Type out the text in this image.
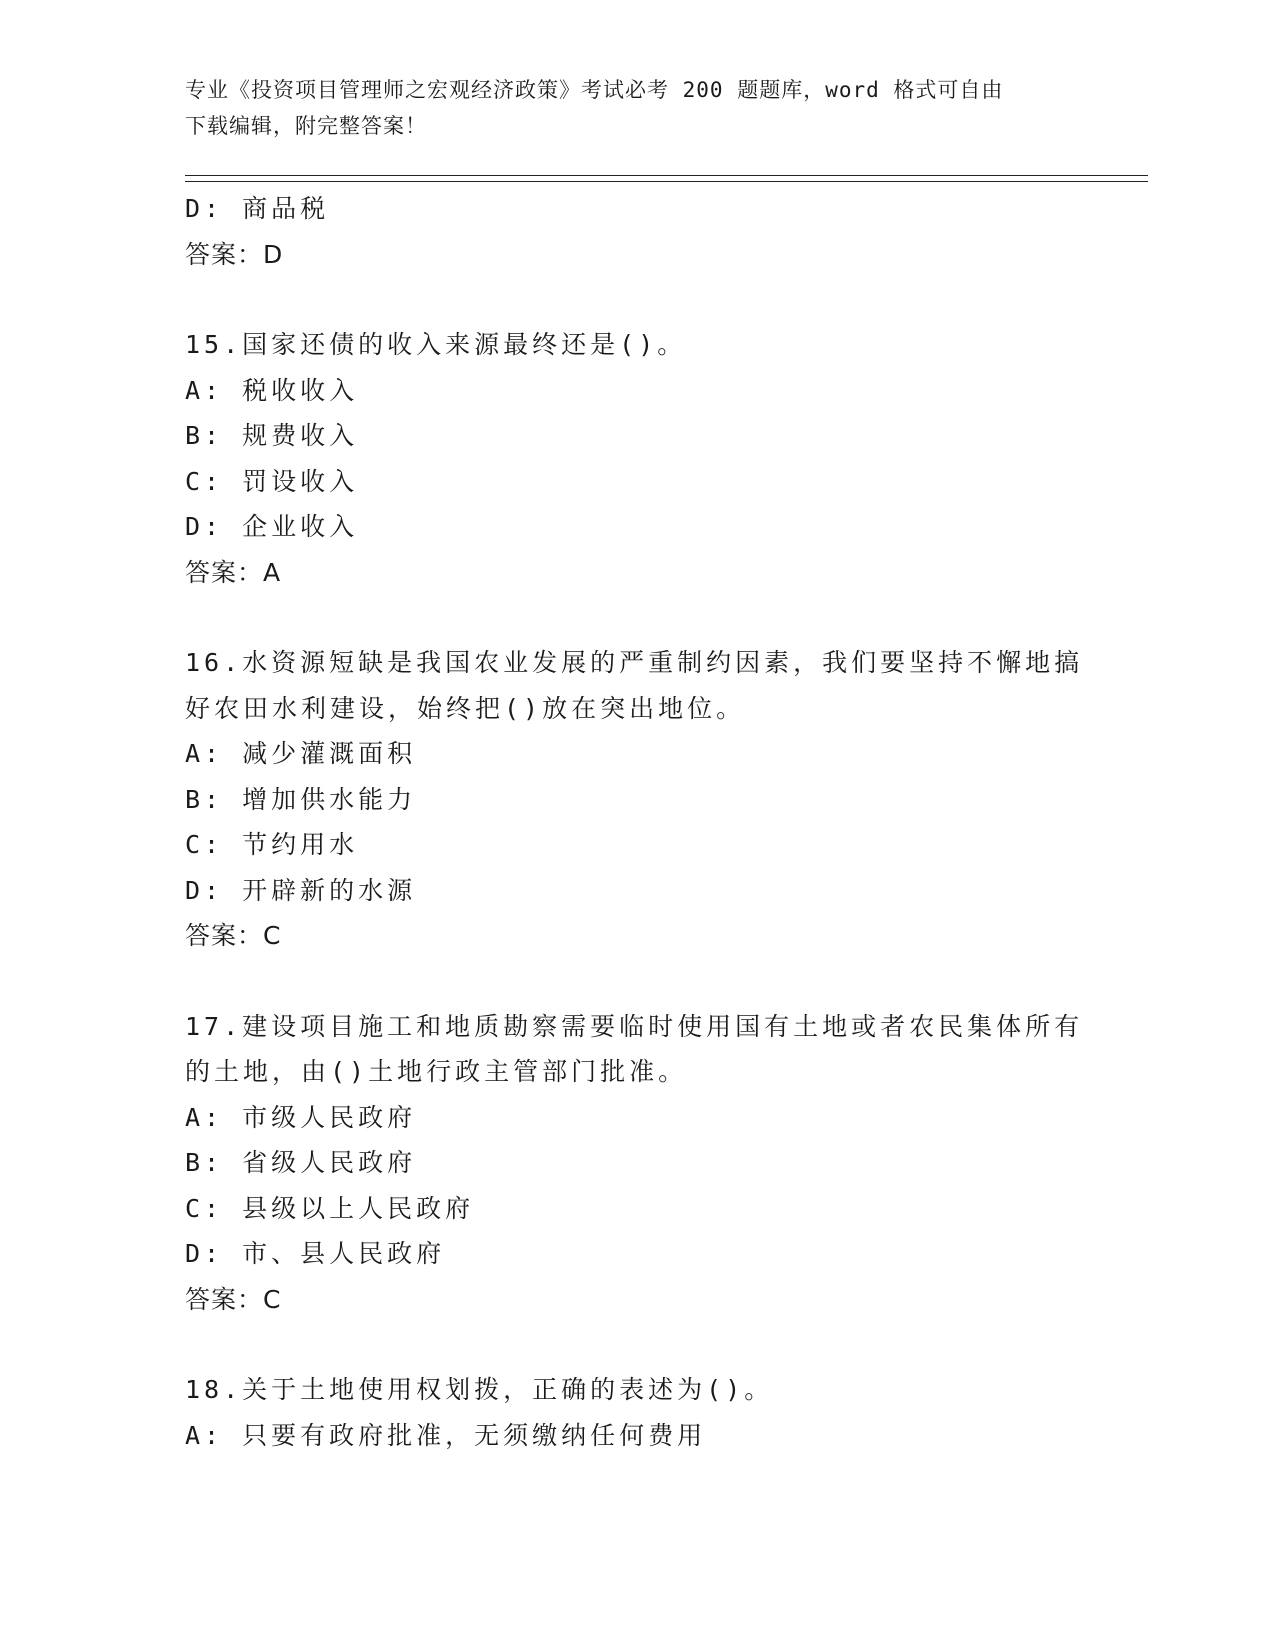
专业《投资项目管理师之宏观经济政策》考试必考 200 题题库，word 格式可自由
下载编辑，附完整答案！
D: 商品税
答案：D
15.国家还债的收入来源最终还是()。
A: 税收收入
B: 规费收入
C: 罚设收入
D: 企业收入
答案：A
16.水资源短缺是我国农业发展的严重制约因素，我们要坚持不懈地搞
好农田水利建设，始终把()放在突出地位。
A: 减少灌溉面积
B: 增加供水能力
C: 节约用水
D: 开辟新的水源
答案：C
17.建设项目施工和地质勘察需要临时使用国有土地或者农民集体所有
的土地，由()土地行政主管部门批准。
A: 市级人民政府
B: 省级人民政府
C: 县级以上人民政府
D: 市、县人民政府
答案：C
18.关于土地使用权划拨，正确的表述为()。
A: 只要有政府批准，无须缴纳任何费用
